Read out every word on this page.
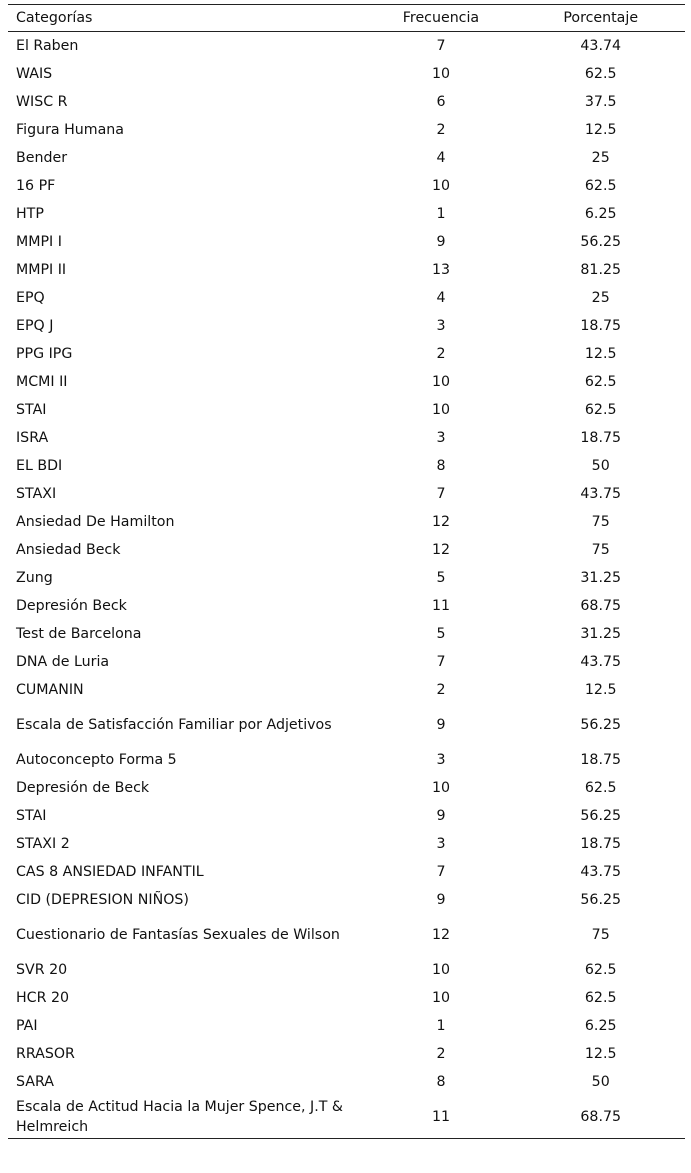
Categorías	Frecuencia	Porcentaje
El Raben	7	43.74
WAIS	10	62.5
WISC R	6	37.5
Figura Humana	2	12.5
Bender	4	25
16 PF	10	62.5
HTP	1	6.25
MMPI I	9	56.25
MMPI II	13	81.25
EPQ	4	25
EPQ J	3	18.75
PPG IPG	2	12.5
MCMI II	10	62.5
STAI	10	62.5
ISRA	3	18.75
EL BDI	8	50
STAXI	7	43.75
Ansiedad De Hamilton	12	75
Ansiedad Beck	12	75
Zung	5	31.25
Depresión Beck	11	68.75
Test de Barcelona	5	31.25
DNA de Luria	7	43.75
CUMANIN	2	12.5
Escala de Satisfacción Familiar por Adjetivos	9	56.25
Autoconcepto Forma 5	3	18.75
Depresión de Beck	10	62.5
STAI	9	56.25
STAXI 2	3	18.75
CAS 8 ANSIEDAD INFANTIL	7	43.75
CID (DEPRESION NIÑOS)	9	56.25
Cuestionario de Fantasías Sexuales de Wilson	12	75
SVR 20	10	62.5
HCR 20	10	62.5
PAI	1	6.25
RRASOR	2	12.5
SARA	8	50
Escala de Actitud Hacia la Mujer Spence, J.T & Helmreich	11	68.75
